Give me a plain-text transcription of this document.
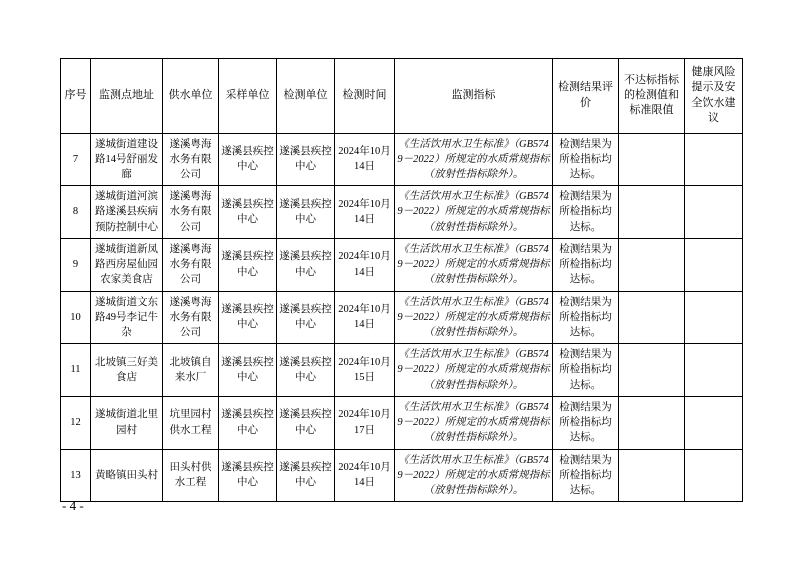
序号	监测点地址	供水单位	采样单位	检测单位	检测时间	监测指标	检测结果评价	不达标指标的检测值和标准限值	健康风险提示及安全饮水建议
7	遂城街道建设路14号舒丽发廊	遂溪粤海水务有限公司	遂溪县疾控中心	遂溪县疾控中心	2024年10月14日	《生活饮用水卫生标准》（GB5749－2022）所规定的水质常规指标（放射性指标除外）。	检测结果为所检指标均达标。		
8	遂城街道河滨路遂溪县疾病预防控制中心	遂溪粤海水务有限公司	遂溪县疾控中心	遂溪县疾控中心	2024年10月14日	《生活饮用水卫生标准》（GB5749－2022）所规定的水质常规指标（放射性指标除外）。	检测结果为所检指标均达标。		
9	遂城街道新凤路西房屋仙园农家美食店	遂溪粤海水务有限公司	遂溪县疾控中心	遂溪县疾控中心	2024年10月14日	《生活饮用水卫生标准》（GB5749－2022）所规定的水质常规指标（放射性指标除外）。	检测结果为所检指标均达标。		
10	遂城街道文东路49号李记牛杂	遂溪粤海水务有限公司	遂溪县疾控中心	遂溪县疾控中心	2024年10月14日	《生活饮用水卫生标准》（GB5749－2022）所规定的水质常规指标（放射性指标除外）。	检测结果为所检指标均达标。		
11	北坡镇三好美食店	北坡镇自来水厂	遂溪县疾控中心	遂溪县疾控中心	2024年10月15日	《生活饮用水卫生标准》（GB5749－2022）所规定的水质常规指标（放射性指标除外）。	检测结果为所检指标均达标。		
12	遂城街道北里园村	坑里园村供水工程	遂溪县疾控中心	遂溪县疾控中心	2024年10月17日	《生活饮用水卫生标准》（GB5749－2022）所规定的水质常规指标（放射性指标除外）。	检测结果为所检指标均达标。		
13	黄略镇田头村	田头村供水工程	遂溪县疾控中心	遂溪县疾控中心	2024年10月14日	《生活饮用水卫生标准》（GB5749－2022）所规定的水质常规指标（放射性指标除外）。	检测结果为所检指标均达标。		
- 4 -
